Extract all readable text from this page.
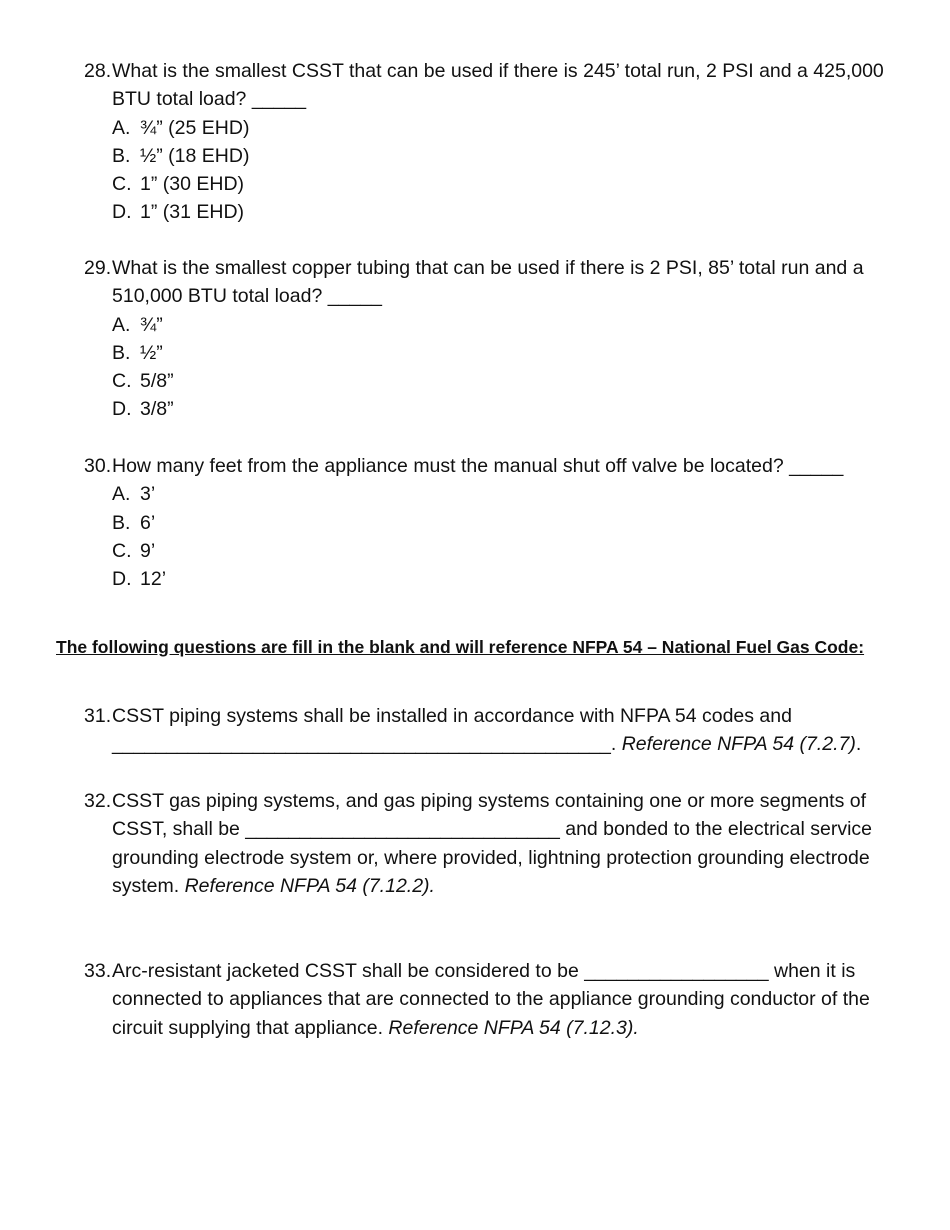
28. What is the smallest CSST that can be used if there is 245’ total run, 2 PSI and a 425,000 BTU total load? _____
A. ¾” (25 EHD)
B. ½” (18 EHD)
C. 1” (30 EHD)
D. 1” (31 EHD)
29. What is the smallest copper tubing that can be used if there is 2 PSI, 85’ total run and a 510,000 BTU total load? _____
A. ¾”
B. ½”
C. 5/8”
D. 3/8”
30. How many feet from the appliance must the manual shut off valve be located? _____
A. 3’
B. 6’
C. 9’
D. 12’
The following questions are fill in the blank and will reference NFPA 54 – National Fuel Gas Code:
31. CSST piping systems shall be installed in accordance with NFPA 54 codes and
______________________________________________. Reference NFPA 54 (7.2.7).
32. CSST gas piping systems, and gas piping systems containing one or more segments of CSST, shall be _____________________________ and bonded to the electrical service grounding electrode system or, where provided, lightning protection grounding electrode system. Reference NFPA 54 (7.12.2).
33. Arc-resistant jacketed CSST shall be considered to be _________________ when it is connected to appliances that are connected to the appliance grounding conductor of the circuit supplying that appliance. Reference NFPA 54 (7.12.3).
